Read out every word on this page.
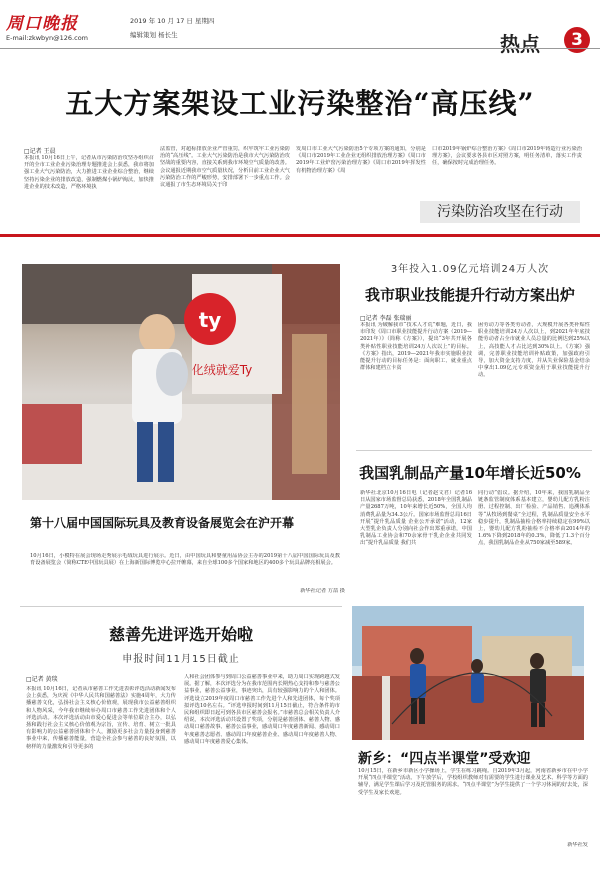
周口晚报
E-mail:zkwbyn@126.com
2019 年 10 月 17 日 星期四
编辑策划 杨长生	热点	3
五大方案架设工业污染整治“高压线”
□记者 王晨
本报讯 10月16日上午，记者从市污染防治攻坚办组织召开的全市工业企业污染治理专题推进会上获悉，我市将加强工业大气污染防治，大力推进工业企业综合整治，继续坚持污染企业的排放改造，强制燃煤小锅炉淘汰，加快推进企业的技术改造，严格环境执
法监管，对超标排放企业严管重罚，织牢筑牢工业污染防治的“高压线”。工业大气污染防治是我市大气污染防治攻坚战的重要内容，直接关系到我市环境空气质量的改善。会议通报近期我市空气质量状况，分析目前工业企业大气污染防治工作的严峻形势，安排部署下一步重点工作。会议通报了市生态环境局关于印
发周口市工业大气污染防治5个专项方案的通知，分别是《周口市2019年工业企业无组织排放治理方案》《周口市2019年工业炉窑污染治理方案》《周口市2019年挥发性有机物治理方案》《周
口市2019年锅炉综合整治方案》《周口市2019年铸造行业污染治理方案》，会议要求各县市区对照方案，明任务清单，落实工作责任，确保按时完成治理任务。
污染防治攻坚在行动
ty
化绒就爱Ty
第十八届中国国际玩具及教育设备展览会在沪开幕
10月16日，小模特在展会现场走秀展示毛绒玩具进行展示。近日，由中国玩具和婴童用品协会主办的2019第十八届中国国际玩具及教育设备展览会（简称CTE中国玩具展）在上海新国际博览中心拉开帷幕，来自全球100多个国家和地区的400多个玩具品牌亮相展会。
新华社记者 方喆 摄
3年投入1.09亿元培训24万人次
我市职业技能提升行动方案出炉
□记者 李磊 张瑞丽
本报讯 为破解我市“技术人才荒”难题，近日，我市印发《周口市职业技能提升行动方案（2019—2021年）》（简称《方案》），提出“3年共开展各类补贴性职业技能培训24万人次以上”的目标。《方案》指出，2019—2021年我市实施职业技能提升行动的目标任务是：面向职工、就业重点群体和建档立卡贫
困劳动力等各类劳动者，大规模开展各类补贴性职业技能培训24万人次以上，到2021年年底技能劳动者占全市就业人员总量的比例达到25%以上，高技能人才占比达到30%以上。《方案》强调，完善职业技能培训补贴政策，加强政府引导，加大资金支持力度，并从失业保险基金结余中拿出1.09亿元专项资金用于职业技能提升行动。
我国乳制品产量10年增长近50%
新华社北京10月16日电（记者赵文君）记者16日从国家市场监督总局获悉，2018年全国乳制品产量2687万吨，10年来增长近50%，全国人均消费乳品量为34.3公斤。国家市场监督总局16日开展“提升乳品质量 企业公开承诺”活动，12家大型乳企负责人分别向社会作出郑重承诺，中国乳制品工业协会和70余家骨干乳企企业共同发出“提升乳品质量 我们共
同行动”倡议。据介绍，10年来，我国乳制品全链条监管制度体系基本建立，婴幼儿配方乳粉注册、过程控制、出厂检验、产品销售、追溯体系等“从牧场到餐桌”全过程，乳制品质量安全水平稳步提升，乳制品抽检合格率持续稳定在99%以上，婴幼儿配方乳粉抽检不合格率由2014年的1.6%下降到2018年的0.3%，降低了1.3个百分点，我国乳制品企业从750家减至589家。
慈善先进评选开始啦
申报时间11月15日截止
□记者 黄琰
本报讯 10月16日，记者从市慈善工作先进表彰评选活动新闻发布会上获悉，为庆祝《中华人民共和国慈善法》实施4周年，大力传播慈善文化，弘扬社会主义核心价值观，展现我市公益慈善组织和人物风采，今年我市继续举办周口市慈善工作先进团体和个人评选活动。本次评选活动由市爱心促进会等单位联合主办，以弘扬和践行社会主义核心价值观为宗旨，宣传、培育、树立一批具有影响力的公益慈善团体和个人，激励更多社会力量投身到慈善事业中来，传播慈善能量，营造全社会参与慈善的良好氛围，以榜样的力量激发和引导更多的
人和社会团体参与到周口公益慈善事业中来，助力周口实现跨越式发展。据了解，本次评选分为在我市范围内长期热心支持和参与慈善公益事业，慈善公益事业，事迹突出，具有较强影响力的个人和团体。评选设立2019年度周口市慈善工作先进个人和先进团体，每个奖项拟评选10名左右。“评选申报时间到11月15日截止，符合条件的市民和组织即日起可到各县市区慈善会报名。”市慈善总会相关负责人介绍说，本次评选活动共设置了奖项，分别是慈善团体、慈善人物、感动周口慈善故事、慈善公益事业，感动周口年度慈善新闻、感动周口年度慈善志愿者、感动周口年度慈善企业、感动周口年度慈善人物、感动周口年度慈善爱心集体。
新乡：“四点半课堂”受欢迎
10月15日，在新乡市新区小学操场上，学生在练习跳绳。自2019年3月起，河南省新乡市在中小学开展“四点半课堂”活动。下午放学后，学校组织教师对有需要的学生进行课业及艺术、科学等方面的辅导，满足学生课后学习及托管服务的需求。“四点半课堂”为学生提供了一个学习休闲的好去处，深受学生及家长欢迎。
新华社发
